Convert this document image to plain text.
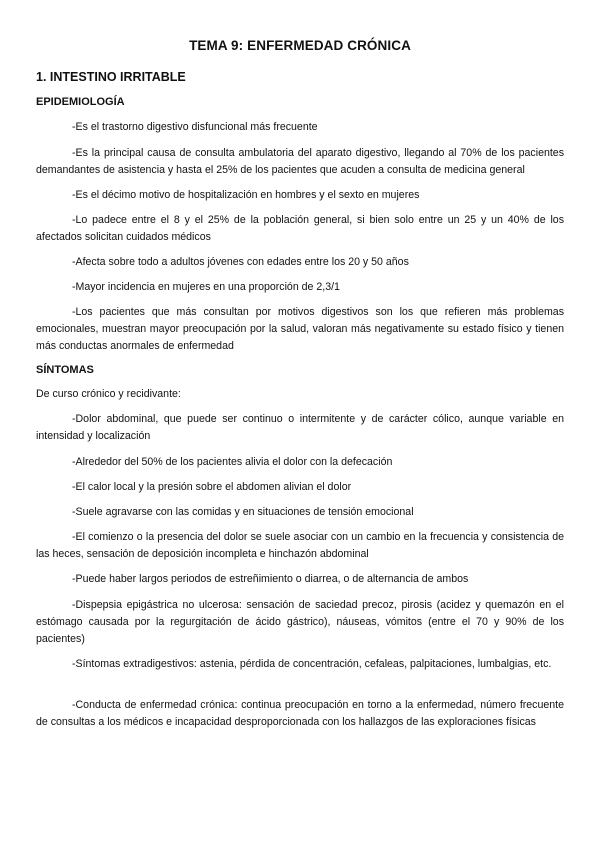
TEMA 9: ENFERMEDAD CRÓNICA
1. INTESTINO IRRITABLE
EPIDEMIOLOGÍA
-Es el trastorno digestivo disfuncional más frecuente
-Es la principal causa de consulta ambulatoria del aparato digestivo, llegando al 70% de los pacientes demandantes de asistencia y hasta el 25% de los pacientes que acuden a consulta de medicina general
-Es el décimo motivo de hospitalización en hombres y el sexto en mujeres
-Lo padece entre el 8 y el 25% de la población general, si bien solo entre un 25 y un 40% de los afectados solicitan cuidados médicos
-Afecta sobre todo a adultos jóvenes con edades entre los 20 y 50 años
-Mayor incidencia en mujeres en una proporción de 2,3/1
-Los pacientes que más consultan por motivos digestivos son los que refieren más problemas emocionales, muestran mayor preocupación por la salud, valoran más negativamente su estado físico y tienen más conductas anormales de enfermedad
SÍNTOMAS
De curso crónico y recidivante:
-Dolor abdominal, que puede ser continuo o intermitente y de carácter cólico, aunque variable en intensidad y localización
-Alrededor del 50% de los pacientes alivia el dolor con la defecación
-El calor local y la presión sobre el abdomen alivian el dolor
-Suele agravarse con las comidas y en situaciones de tensión emocional
-El comienzo o la presencia del dolor se suele asociar con un cambio en la frecuencia y consistencia de las heces, sensación de deposición incompleta e hinchazón abdominal
-Puede haber largos periodos de estreñimiento o diarrea, o de alternancia de ambos
-Dispepsia epigástrica no ulcerosa: sensación de saciedad precoz, pirosis (acidez y quemazón en el estómago causada por la regurgitación de ácido gástrico), náuseas, vómitos (entre el 70 y 90% de los pacientes)
-Síntomas extradigestivos: astenia, pérdida de concentración, cefaleas, palpitaciones, lumbalgias, etc.
-Conducta de enfermedad crónica: continua preocupación en torno a la enfermedad, número frecuente de consultas a los médicos e incapacidad desproporcionada con los hallazgos de las exploraciones físicas
